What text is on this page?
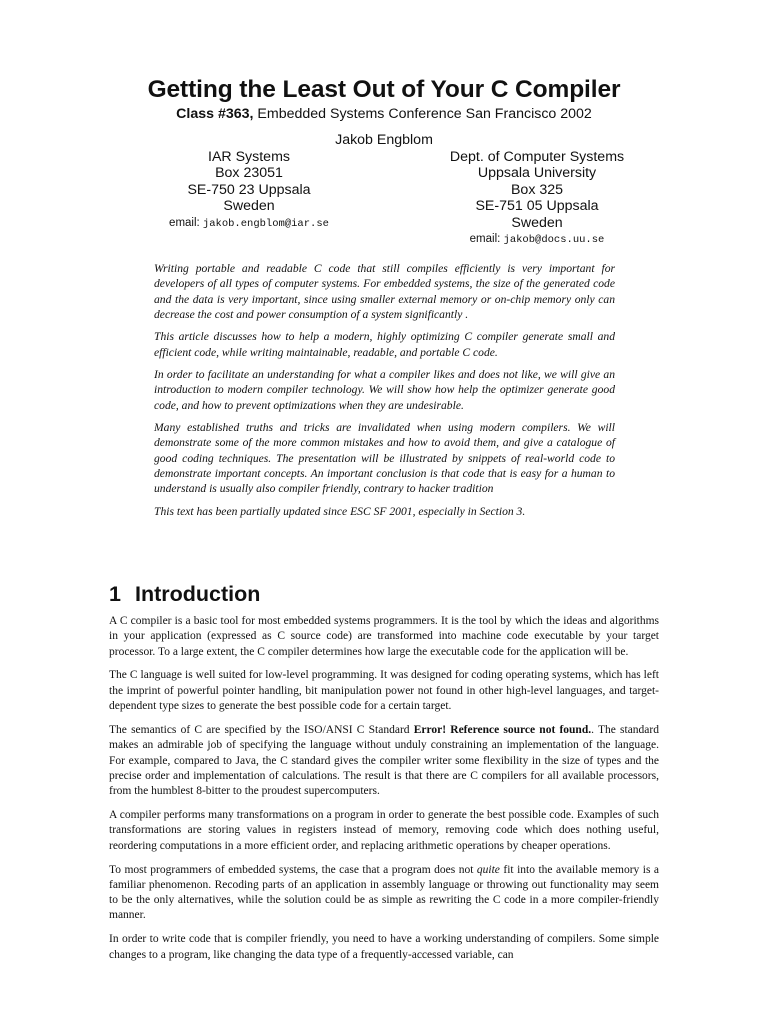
Getting the Least Out of Your C Compiler

Class #363, Embedded Systems Conference San Francisco 2002

Jakob Engblom

IAR Systems
Box 23051
SE-750 23 Uppsala
Sweden
email: jakob.engblom@iar.se
Dept. of Computer Systems
Uppsala University
Box 325
SE-751 05 Uppsala
Sweden
email: jakob@docs.uu.se

Writing portable and readable C code that still compiles efficiently is very important for developers of all types of computer systems. For embedded systems, the size of the generated code and the data is very important, since using smaller external memory or on-chip memory only can decrease the cost and power consumption of a system significantly .

This article discusses how to help a modern, highly optimizing C compiler generate small and efficient code, while writing maintainable, readable, and portable C code.

In order to facilitate an understanding for what a compiler likes and does not like, we will give an introduction to modern compiler technology. We will show how help the optimizer generate good code, and how to prevent optimizations when they are undesirable.

Many established truths and tricks are invalidated when using modern compilers. We will demonstrate some of the more common mistakes and how to avoid them, and give a catalogue of good coding techniques. The presentation will be illustrated by snippets of real-world code to demonstrate important concepts. An important conclusion is that code that is easy for a human to understand is usually also compiler friendly, contrary to hacker tradition

This text has been partially updated since ESC SF 2001, especially in Section 3.

1 Introduction

A C compiler is a basic tool for most embedded systems programmers. It is the tool by which the ideas and algorithms in your application (expressed as C source code) are transformed into machine code executable by your target processor. To a large extent, the C compiler determines how large the executable code for the application will be.

The C language is well suited for low-level programming. It was designed for coding operating systems, which has left the imprint of powerful pointer handling, bit manipulation power not found in other high-level languages, and target-dependent type sizes to generate the best possible code for a certain target.

The semantics of C are specified by the ISO/ANSI C Standard Error! Reference source not found.. The standard makes an admirable job of specifying the language without unduly constraining an implementation of the language. For example, compared to Java, the C standard gives the compiler writer some flexibility in the size of types and the precise order and implementation of calculations. The result is that there are C compilers for all available processors, from the humblest 8-bitter to the proudest supercomputers.

A compiler performs many transformations on a program in order to generate the best possible code. Examples of such transformations are storing values in registers instead of memory, removing code which does nothing useful, reordering computations in a more efficient order, and replacing arithmetic operations by cheaper operations.

To most programmers of embedded systems, the case that a program does not quite fit into the available memory is a familiar phenomenon. Recoding parts of an application in assembly language or throwing out functionality may seem to be the only alternatives, while the solution could be as simple as rewriting the C code in a more compiler-friendly manner.

In order to write code that is compiler friendly, you need to have a working understanding of compilers. Some simple changes to a program, like changing the data type of a frequently-accessed variable, can
